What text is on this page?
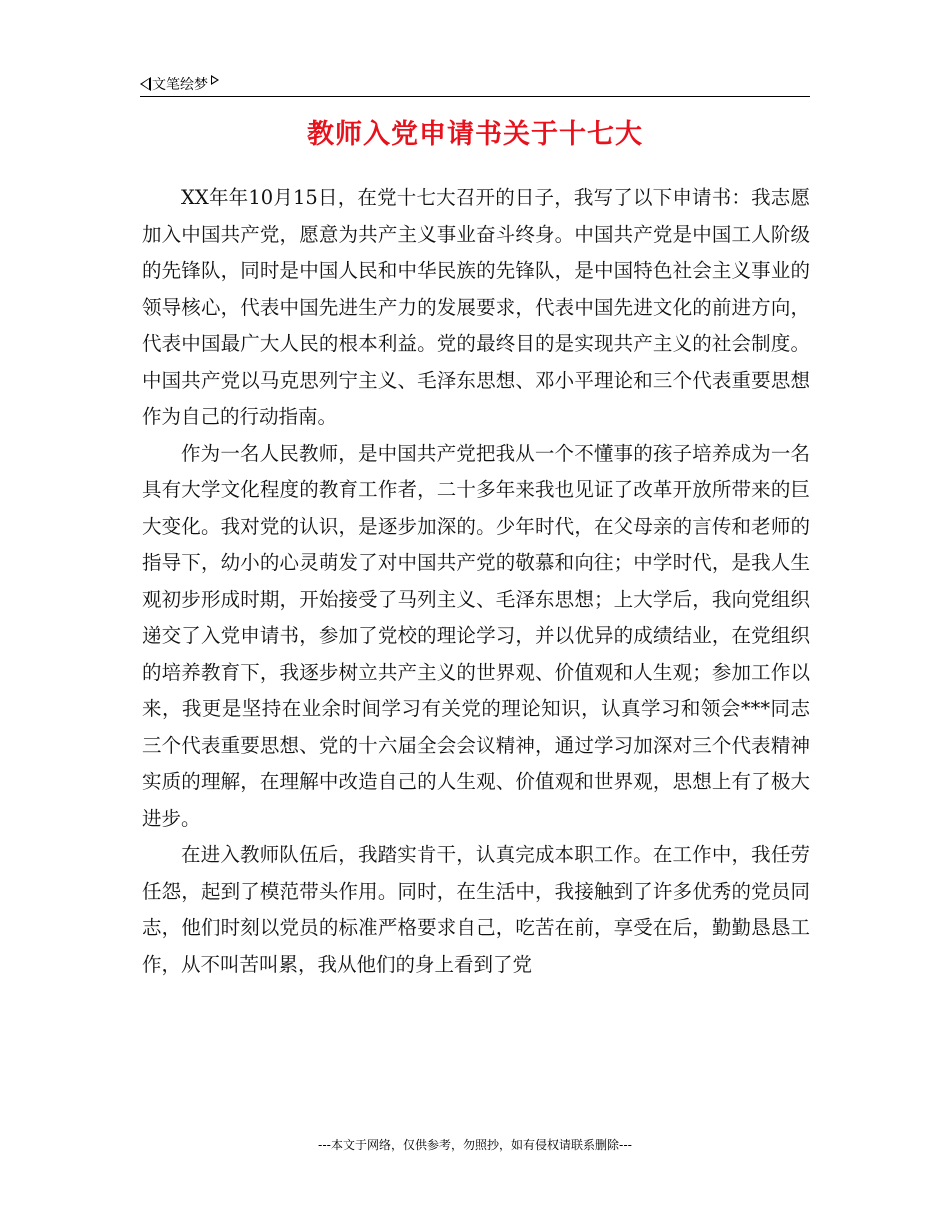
文笔绘梦
教师入党申请书关于十七大

XX年年10月15日，在党十七大召开的日子，我写了以下申请书：我志愿加入中国共产党，愿意为共产主义事业奋斗终身。中国共产党是中国工人阶级的先锋队，同时是中国人民和中华民族的先锋队，是中国特色社会主义事业的领导核心，代表中国先进生产力的发展要求，代表中国先进文化的前进方向，代表中国最广大人民的根本利益。党的最终目的是实现共产主义的社会制度。中国共产党以马克思列宁主义、毛泽东思想、邓小平理论和三个代表重要思想作为自己的行动指南。

作为一名人民教师，是中国共产党把我从一个不懂事的孩子培养成为一名具有大学文化程度的教育工作者，二十多年来我也见证了改革开放所带来的巨大变化。我对党的认识，是逐步加深的。少年时代，在父母亲的言传和老师的指导下，幼小的心灵萌发了对中国共产党的敬慕和向往；中学时代，是我人生观初步形成时期，开始接受了马列主义、毛泽东思想；上大学后，我向党组织递交了入党申请书，参加了党校的理论学习，并以优异的成绩结业，在党组织的培养教育下，我逐步树立共产主义的世界观、价值观和人生观；参加工作以来，我更是坚持在业余时间学习有关党的理论知识，认真学习和领会***同志三个代表重要思想、党的十六届全会会议精神，通过学习加深对三个代表精神实质的理解，在理解中改造自己的人生观、价值观和世界观，思想上有了极大进步。

在进入教师队伍后，我踏实肯干，认真完成本职工作。在工作中，我任劳任怨，起到了模范带头作用。同时，在生活中，我接触到了许多优秀的党员同志，他们时刻以党员的标准严格要求自己，吃苦在前，享受在后，勤勤恳恳工作，从不叫苦叫累，我从他们的身上看到了党

---本文于网络，仅供参考，勿照抄，如有侵权请联系删除---
